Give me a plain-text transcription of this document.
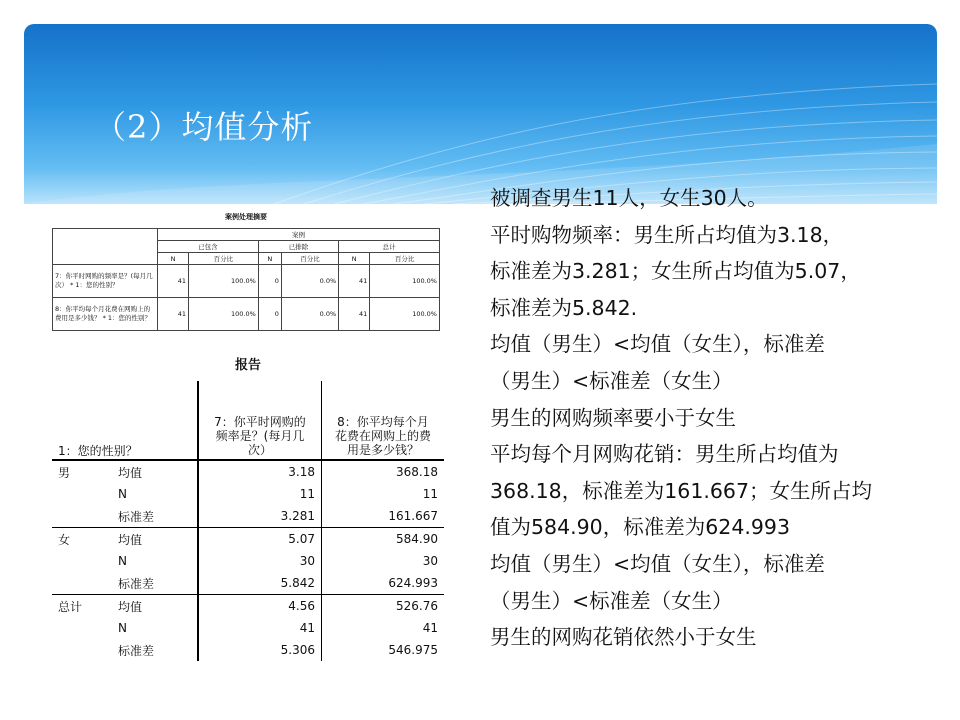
（2）均值分析
案例处理摘要
	案例					
	已包含		已排除		总计	
	N	百分比	N	百分比	N	百分比
7：你平时网购的频率是？(每月几次） * 1：您的性别？	41	100.0%	0	0.0%	41	100.0%
8：你平均每个月花费在网购上的费用是多少钱？ * 1：您的性别？	41	100.0%	0	0.0%	41	100.0%
报告
1：您的性别？		7：你平时网购的频率是？(每月几次）	8：你平均每个月花费在网购上的费用是多少钱？
男	均值	3.18	368.18
	N	11	11
	标准差	3.281	161.667
女	均值	5.07	584.90
	N	30	30
	标准差	5.842	624.993
总计	均值	4.56	526.76
	N	41	41
	标准差	5.306	546.975

被调查男生11人，女生30人。

平时购物频率：男生所占均值为3.18，

标准差为3.281；女生所占均值为5.07，

标准差为5.842.

均值（男生）<均值（女生），标准差

（男生）<标准差（女生）

男生的网购频率要小于女生

平均每个月网购花销：男生所占均值为

368.18，标准差为161.667；女生所占均

值为584.90，标准差为624.993

均值（男生）<均值（女生），标准差

（男生）<标准差（女生）

男生的网购花销依然小于女生
